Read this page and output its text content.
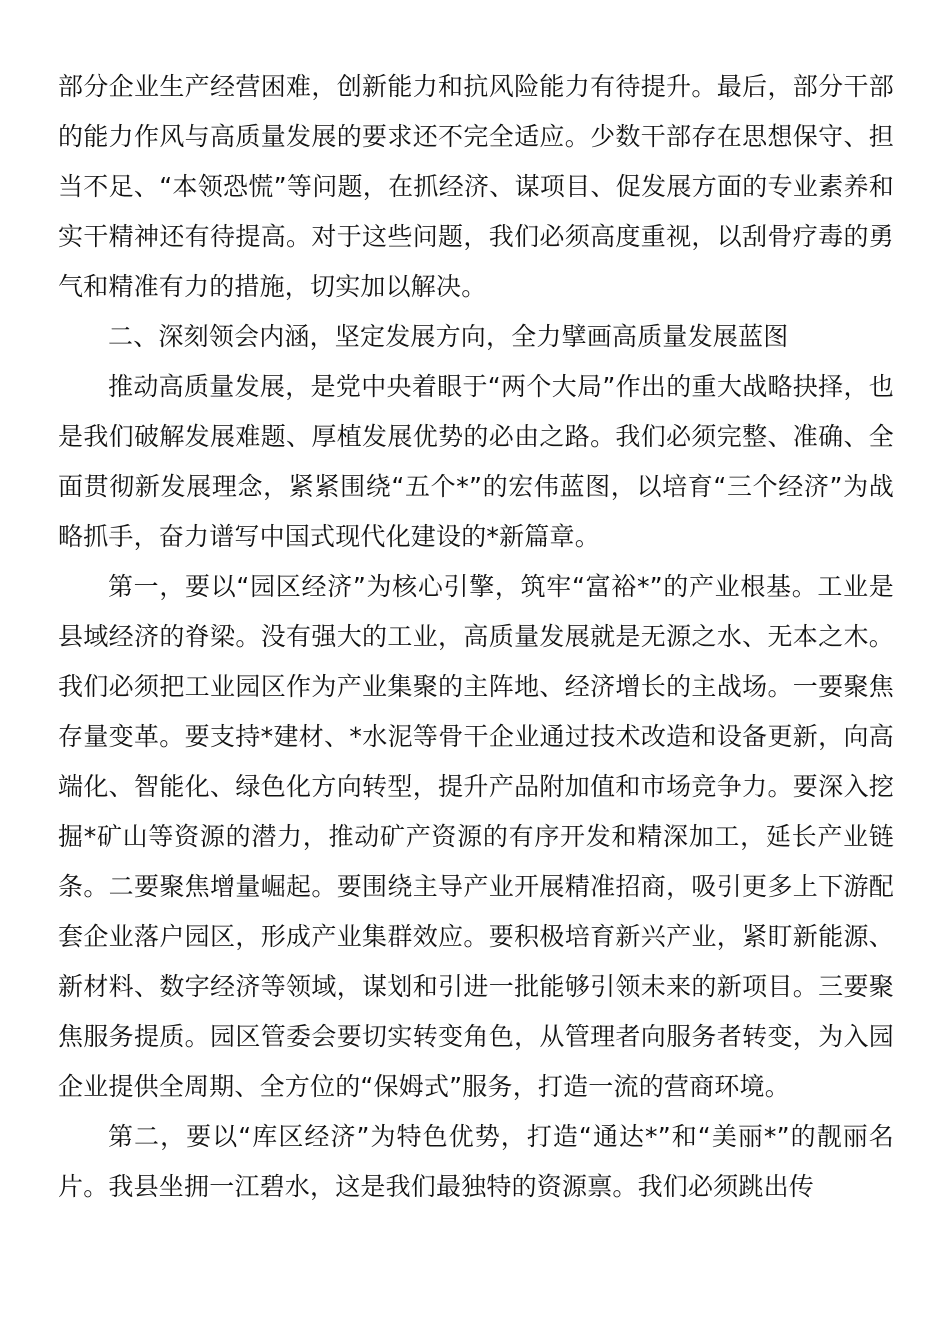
部分企业生产经营困难，创新能力和抗风险能力有待提升。最后，部分干部的能力作风与高质量发展的要求还不完全适应。少数干部存在思想保守、担当不足、“本领恐慌”等问题，在抓经济、谋项目、促发展方面的专业素养和实干精神还有待提高。对于这些问题，我们必须高度重视，以刮骨疗毒的勇气和精准有力的措施，切实加以解决。

二、深刻领会内涵，坚定发展方向，全力擘画高质量发展蓝图

推动高质量发展，是党中央着眼于“两个大局”作出的重大战略抉择，也是我们破解发展难题、厚植发展优势的必由之路。我们必须完整、准确、全面贯彻新发展理念，紧紧围绕“五个*”的宏伟蓝图，以培育“三个经济”为战略抓手，奋力谱写中国式现代化建设的*新篇章。

第一，要以“园区经济”为核心引擎，筑牢“富裕*”的产业根基。工业是县域经济的脊梁。没有强大的工业，高质量发展就是无源之水、无本之木。我们必须把工业园区作为产业集聚的主阵地、经济增长的主战场。一要聚焦存量变革。要支持*建材、*水泥等骨干企业通过技术改造和设备更新，向高端化、智能化、绿色化方向转型，提升产品附加值和市场竞争力。要深入挖掘*矿山等资源的潜力，推动矿产资源的有序开发和精深加工，延长产业链条。二要聚焦增量崛起。要围绕主导产业开展精准招商，吸引更多上下游配套企业落户园区，形成产业集群效应。要积极培育新兴产业，紧盯新能源、新材料、数字经济等领域，谋划和引进一批能够引领未来的新项目。三要聚焦服务提质。园区管委会要切实转变角色，从管理者向服务者转变，为入园企业提供全周期、全方位的“保姆式”服务，打造一流的营商环境。

第二，要以“库区经济”为特色优势，打造“通达*”和“美丽*”的靓丽名片。我县坐拥一江碧水，这是我们最独特的资源禀。我们必须跳出传
